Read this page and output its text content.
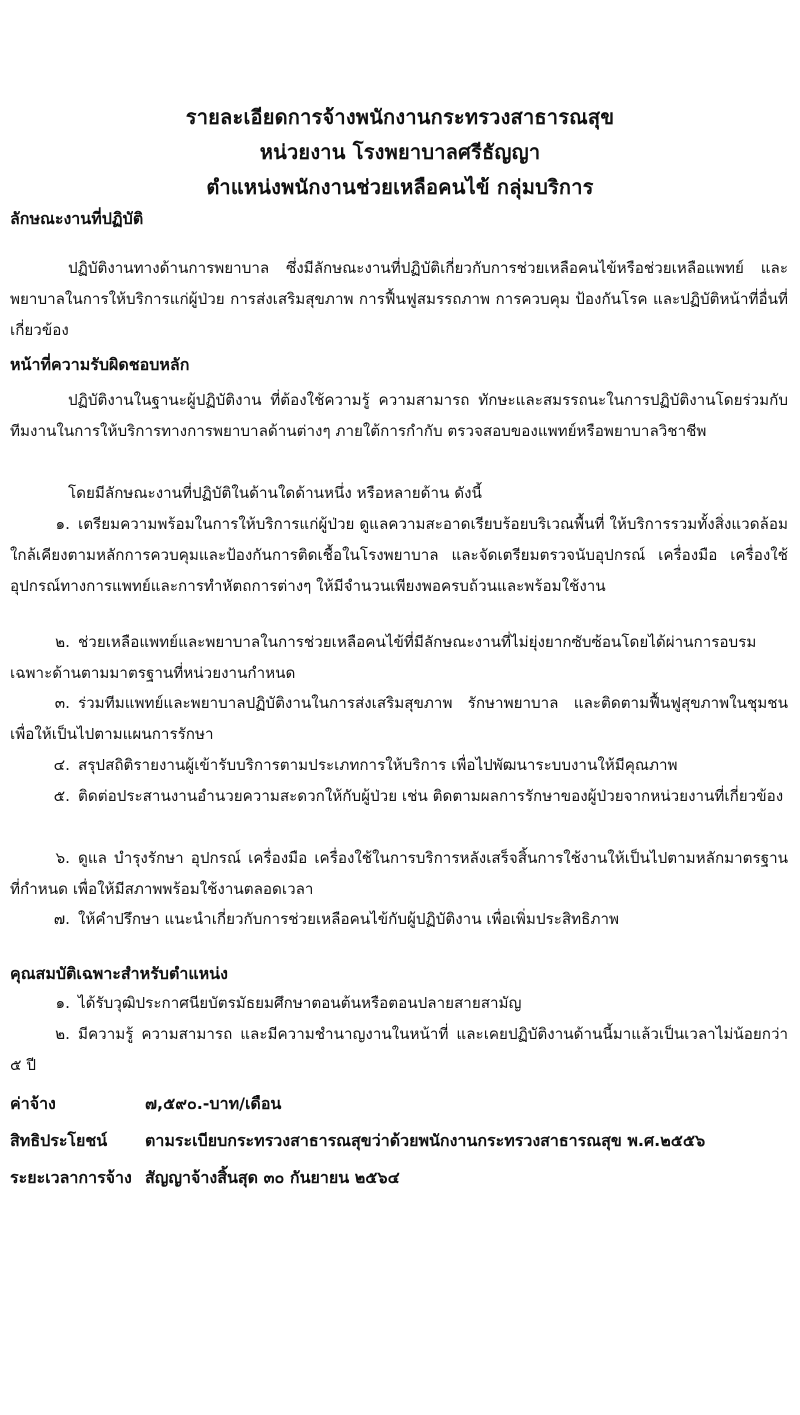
รายละเอียดการจ้างพนักงานกระทรวงสาธารณสุข
หน่วยงาน โรงพยาบาลศรีธัญญา
ตำแหน่งพนักงานช่วยเหลือคนไข้ กลุ่มบริการ
ลักษณะงานที่ปฏิบัติ
ปฏิบัติงานทางด้านการพยาบาล ซึ่งมีลักษณะงานที่ปฏิบัติเกี่ยวกับการช่วยเหลือคนไข้หรือช่วยเหลือแพทย์ และพยาบาลในการให้บริการแก่ผู้ป่วย การส่งเสริมสุขภาพ การฟื้นฟูสมรรถภาพ การควบคุม ป้องกันโรค และปฏิบัติหน้าที่อื่นที่เกี่ยวข้อง
หน้าที่ความรับผิดชอบหลัก
ปฏิบัติงานในฐานะผู้ปฏิบัติงาน ที่ต้องใช้ความรู้ ความสามารถ ทักษะและสมรรถนะในการปฏิบัติงานโดยร่วมกับทีมงานในการให้บริการทางการพยาบาลด้านต่างๆ ภายใต้การกำกับ ตรวจสอบของแพทย์หรือพยาบาลวิชาชีพ
โดยมีลักษณะงานที่ปฏิบัติในด้านใดด้านหนึ่ง หรือหลายด้าน ดังนี้
๑. เตรียมความพร้อมในการให้บริการแก่ผู้ป่วย ดูแลความสะอาดเรียบร้อยบริเวณพื้นที่ ให้บริการรวมทั้งสิ่งแวดล้อมใกล้เคียงตามหลักการควบคุมและป้องกันการติดเชื้อในโรงพยาบาล และจัดเตรียมตรวจนับอุปกรณ์ เครื่องมือ เครื่องใช้ อุปกรณ์ทางการแพทย์และการทำหัตถการต่างๆ ให้มีจำนวนเพียงพอครบถ้วนและพร้อมใช้งาน
๒. ช่วยเหลือแพทย์และพยาบาลในการช่วยเหลือคนไข้ที่มีลักษณะงานที่ไม่ยุ่งยากซับซ้อนโดยได้ผ่านการอบรมเฉพาะด้านตามมาตรฐานที่หน่วยงานกำหนด
๓. ร่วมทีมแพทย์และพยาบาลปฏิบัติงานในการส่งเสริมสุขภาพ รักษาพยาบาล และติดตามฟื้นฟูสุขภาพในชุมชน เพื่อให้เป็นไปตามแผนการรักษา
๔. สรุปสถิติรายงานผู้เข้ารับบริการตามประเภทการให้บริการ เพื่อไปพัฒนาระบบงานให้มีคุณภาพ
๕. ติดต่อประสานงานอำนวยความสะดวกให้กับผู้ป่วย เช่น ติดตามผลการรักษาของผู้ป่วยจากหน่วยงานที่เกี่ยวข้อง
๖. ดูแล บำรุงรักษา อุปกรณ์ เครื่องมือ เครื่องใช้ในการบริการหลังเสร็จสิ้นการใช้งานให้เป็นไปตามหลักมาตรฐานที่กำหนด เพื่อให้มีสภาพพร้อมใช้งานตลอดเวลา
๗. ให้คำปรึกษา แนะนำเกี่ยวกับการช่วยเหลือคนไข้กับผู้ปฏิบัติงาน เพื่อเพิ่มประสิทธิภาพ
คุณสมบัติเฉพาะสำหรับตำแหน่ง
๑. ได้รับวุฒิประกาศนียบัตรมัธยมศึกษาตอนต้นหรือตอนปลายสายสามัญ
๒. มีความรู้ ความสามารถ และมีความชำนาญงานในหน้าที่ และเคยปฏิบัติงานด้านนี้มาแล้วเป็นเวลาไม่น้อยกว่า ๕ ปี
ค่าจ้าง	๗,๕๙๐.-บาท/เดือน
สิทธิประโยชน์ ตามระเบียบกระทรวงสาธารณสุขว่าด้วยพนักงานกระทรวงสาธารณสุข พ.ศ.๒๕๕๖
ระยะเวลาการจ้าง สัญญาจ้างสิ้นสุด ๓๐ กันยายน ๒๕๖๔
